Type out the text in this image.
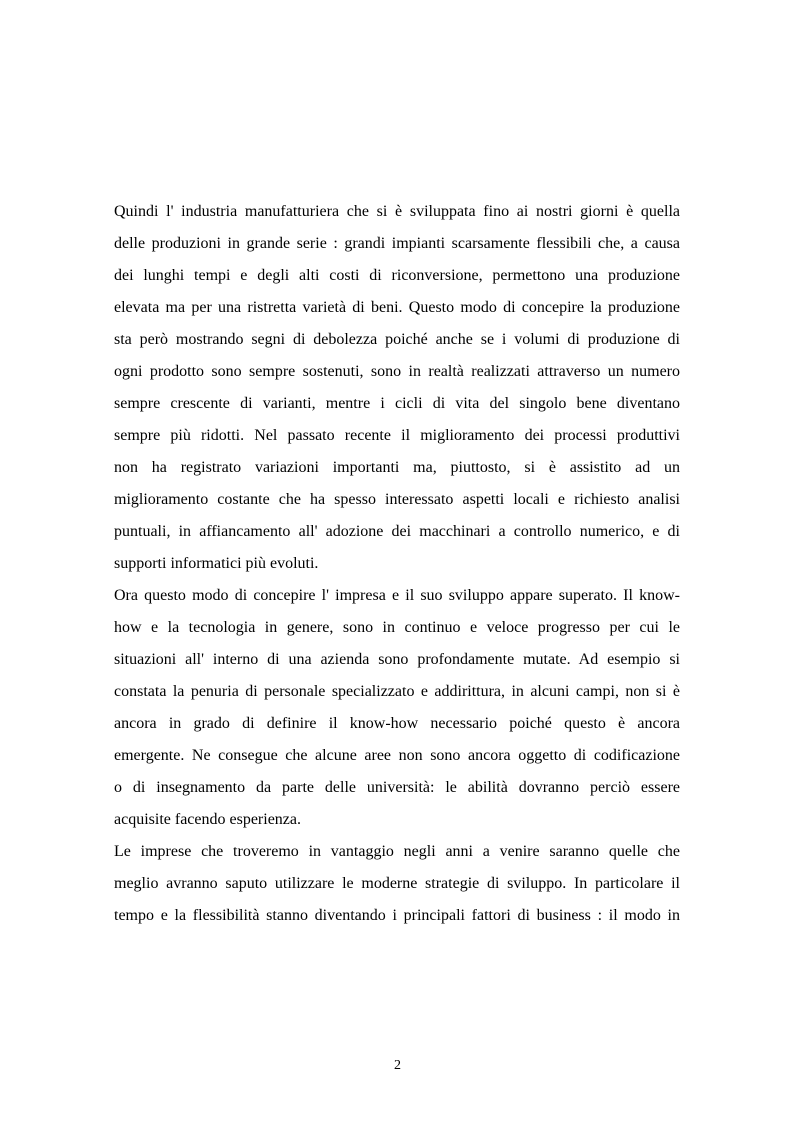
Quindi l' industria manufatturiera che si è sviluppata fino ai nostri giorni è quella
delle produzioni in grande serie : grandi impianti scarsamente flessibili che, a causa
dei lunghi tempi e degli alti costi di riconversione, permettono una produzione
elevata ma per una ristretta varietà di beni. Questo modo di concepire la produzione
sta però mostrando segni di debolezza poiché anche se i volumi di produzione di
ogni prodotto sono sempre sostenuti, sono in realtà realizzati attraverso un numero
sempre crescente di varianti, mentre i cicli di vita del singolo bene diventano
sempre più ridotti. Nel passato recente il miglioramento dei processi produttivi
non ha registrato variazioni importanti ma, piuttosto, si è assistito ad un
miglioramento costante che ha spesso interessato aspetti locali e richiesto analisi
puntuali, in affiancamento all' adozione dei macchinari a controllo numerico, e di
supporti informatici più evoluti.
Ora questo modo di concepire l' impresa e il suo sviluppo appare superato. Il know-
how e la tecnologia in genere, sono in continuo e veloce progresso per cui le
situazioni all' interno di una azienda sono profondamente mutate. Ad esempio si
constata la penuria di personale specializzato e addirittura, in alcuni campi, non si è
ancora in grado di definire il know-how necessario poiché questo è ancora
emergente. Ne consegue che alcune aree non sono ancora oggetto di codificazione
o di insegnamento da parte delle università: le abilità dovranno perciò essere
acquisite facendo esperienza.
Le imprese che troveremo in vantaggio negli anni a venire saranno quelle che
meglio avranno saputo utilizzare le moderne strategie di sviluppo. In particolare il
tempo e la flessibilità stanno diventando i principali fattori di business : il modo in
2
